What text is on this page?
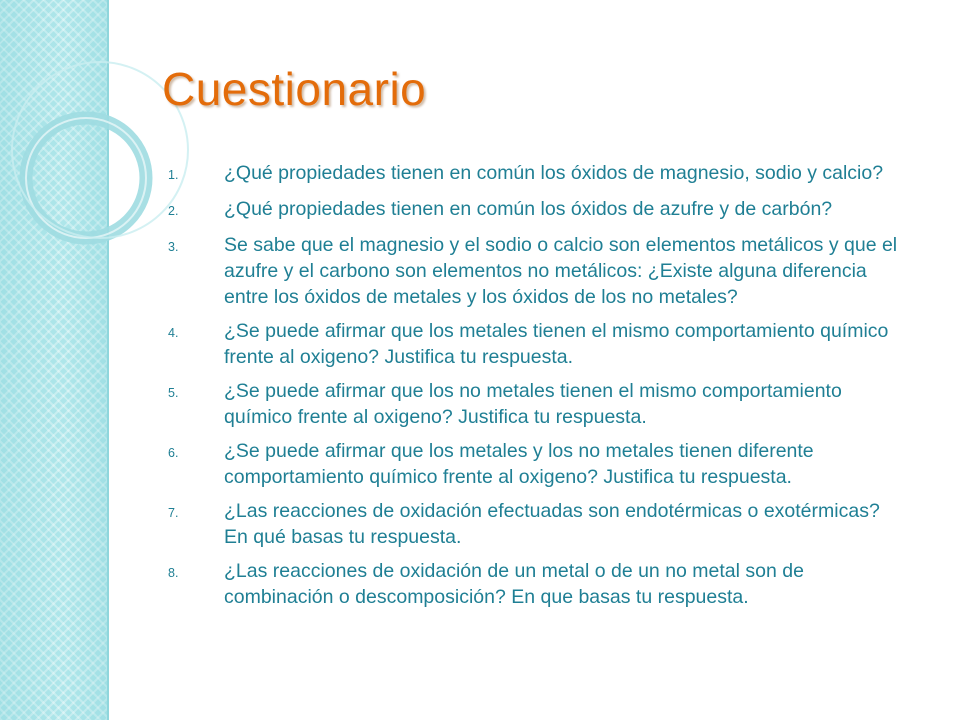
Cuestionario
1.	¿Qué propiedades tienen en común los óxidos de magnesio, sodio y calcio?
2.	¿Qué propiedades tienen en común los óxidos de azufre y de carbón?
3.	Se sabe que el magnesio y el sodio o calcio son elementos metálicos y que el azufre y el carbono son elementos no metálicos: ¿Existe alguna diferencia entre los óxidos de metales y los óxidos de los no metales?
4.	¿Se puede afirmar que los metales tienen el mismo comportamiento químico frente al oxigeno? Justifica tu respuesta.
5.	¿Se puede afirmar que los no metales tienen el mismo comportamiento químico frente al oxigeno? Justifica tu respuesta.
6.	¿Se puede afirmar que los metales y los no metales tienen diferente comportamiento químico frente al oxigeno? Justifica tu respuesta.
7.	¿Las reacciones de oxidación efectuadas son endotérmicas o exotérmicas? En qué basas tu respuesta.
8.	¿Las reacciones de oxidación de un metal o de un no metal son de combinación o descomposición? En que basas tu respuesta.
